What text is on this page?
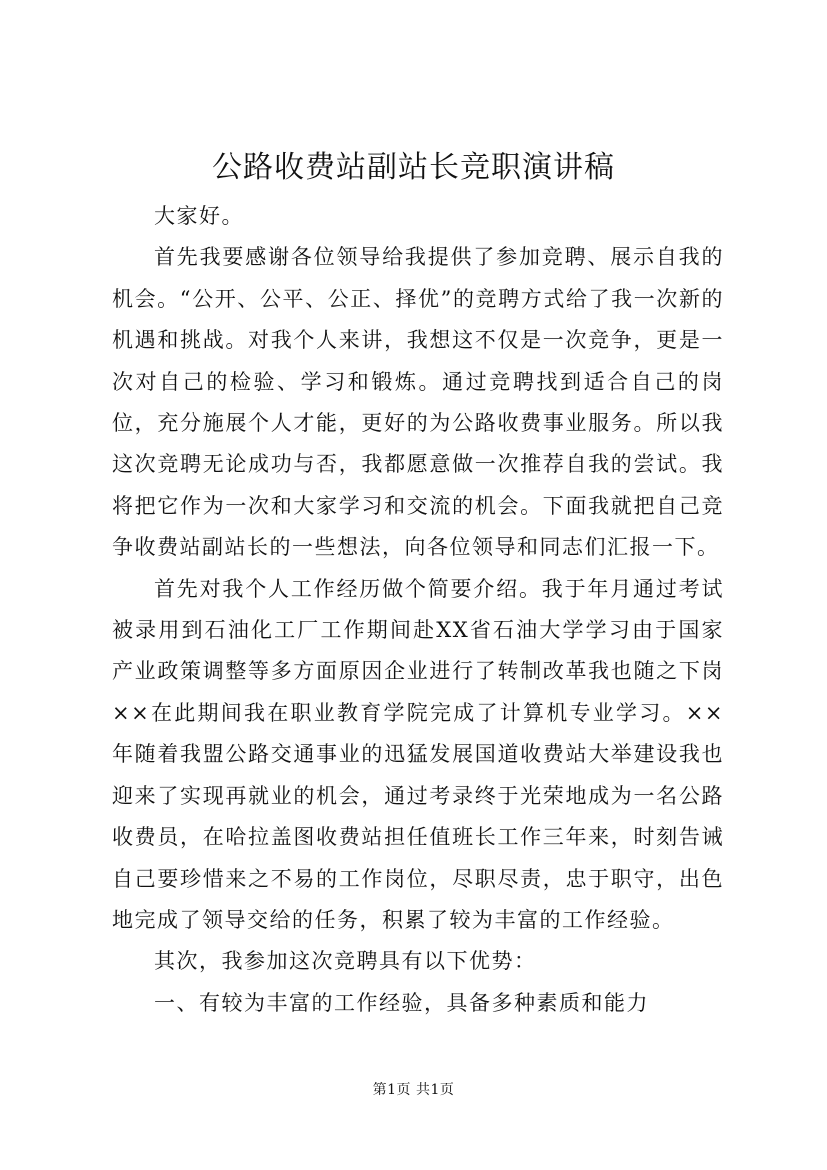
公路收费站副站长竞职演讲稿

大家好。

首先我要感谢各位领导给我提供了参加竞聘、展示自我的机会。“公开、公平、公正、择优”的竞聘方式给了我一次新的机遇和挑战。对我个人来讲，我想这不仅是一次竞争，更是一次对自己的检验、学习和锻炼。通过竞聘找到适合自己的岗位，充分施展个人才能，更好的为公路收费事业服务。所以我这次竞聘无论成功与否，我都愿意做一次推荐自我的尝试。我将把它作为一次和大家学习和交流的机会。下面我就把自己竞争收费站副站长的一些想法，向各位领导和同志们汇报一下。

首先对我个人工作经历做个简要介绍。我于年月通过考试被录用到石油化工厂工作期间赴XX省石油大学学习由于国家产业政策调整等多方面原因企业进行了转制改革我也随之下岗××在此期间我在职业教育学院完成了计算机专业学习。××年随着我盟公路交通事业的迅猛发展国道收费站大举建设我也迎来了实现再就业的机会，通过考录终于光荣地成为一名公路收费员，在哈拉盖图收费站担任值班长工作三年来，时刻告诫自己要珍惜来之不易的工作岗位，尽职尽责，忠于职守，出色地完成了领导交给的任务，积累了较为丰富的工作经验。

其次，我参加这次竞聘具有以下优势：

一、有较为丰富的工作经验，具备多种素质和能力

第1页 共1页
